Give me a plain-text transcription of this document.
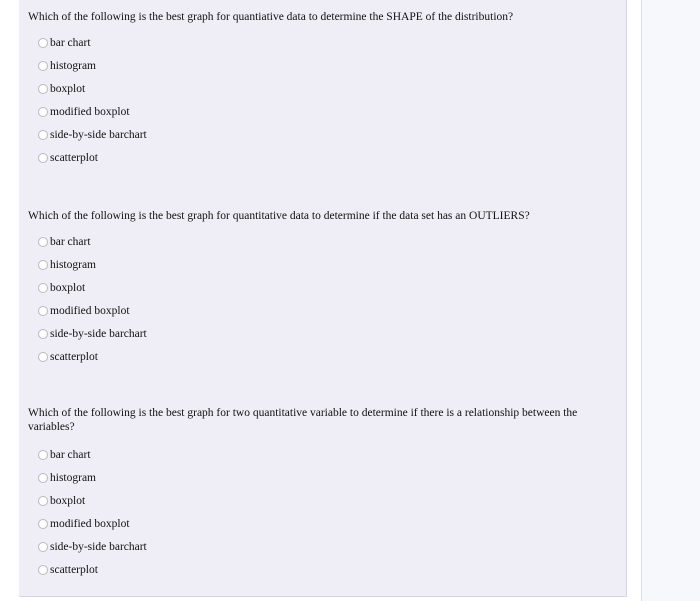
Which of the following is the best graph for quantiative data to determine the SHAPE of the distribution?

bar chart
histogram
boxplot
modified boxplot
side-by-side barchart
scatterplot

Which of the following is the best graph for quantitative data to determine if the data set has an OUTLIERS?

bar chart
histogram
boxplot
modified boxplot
side-by-side barchart
scatterplot

Which of the following is the best graph for two quantitative variable to determine if there is a relationship between the variables?

bar chart
histogram
boxplot
modified boxplot
side-by-side barchart
scatterplot
